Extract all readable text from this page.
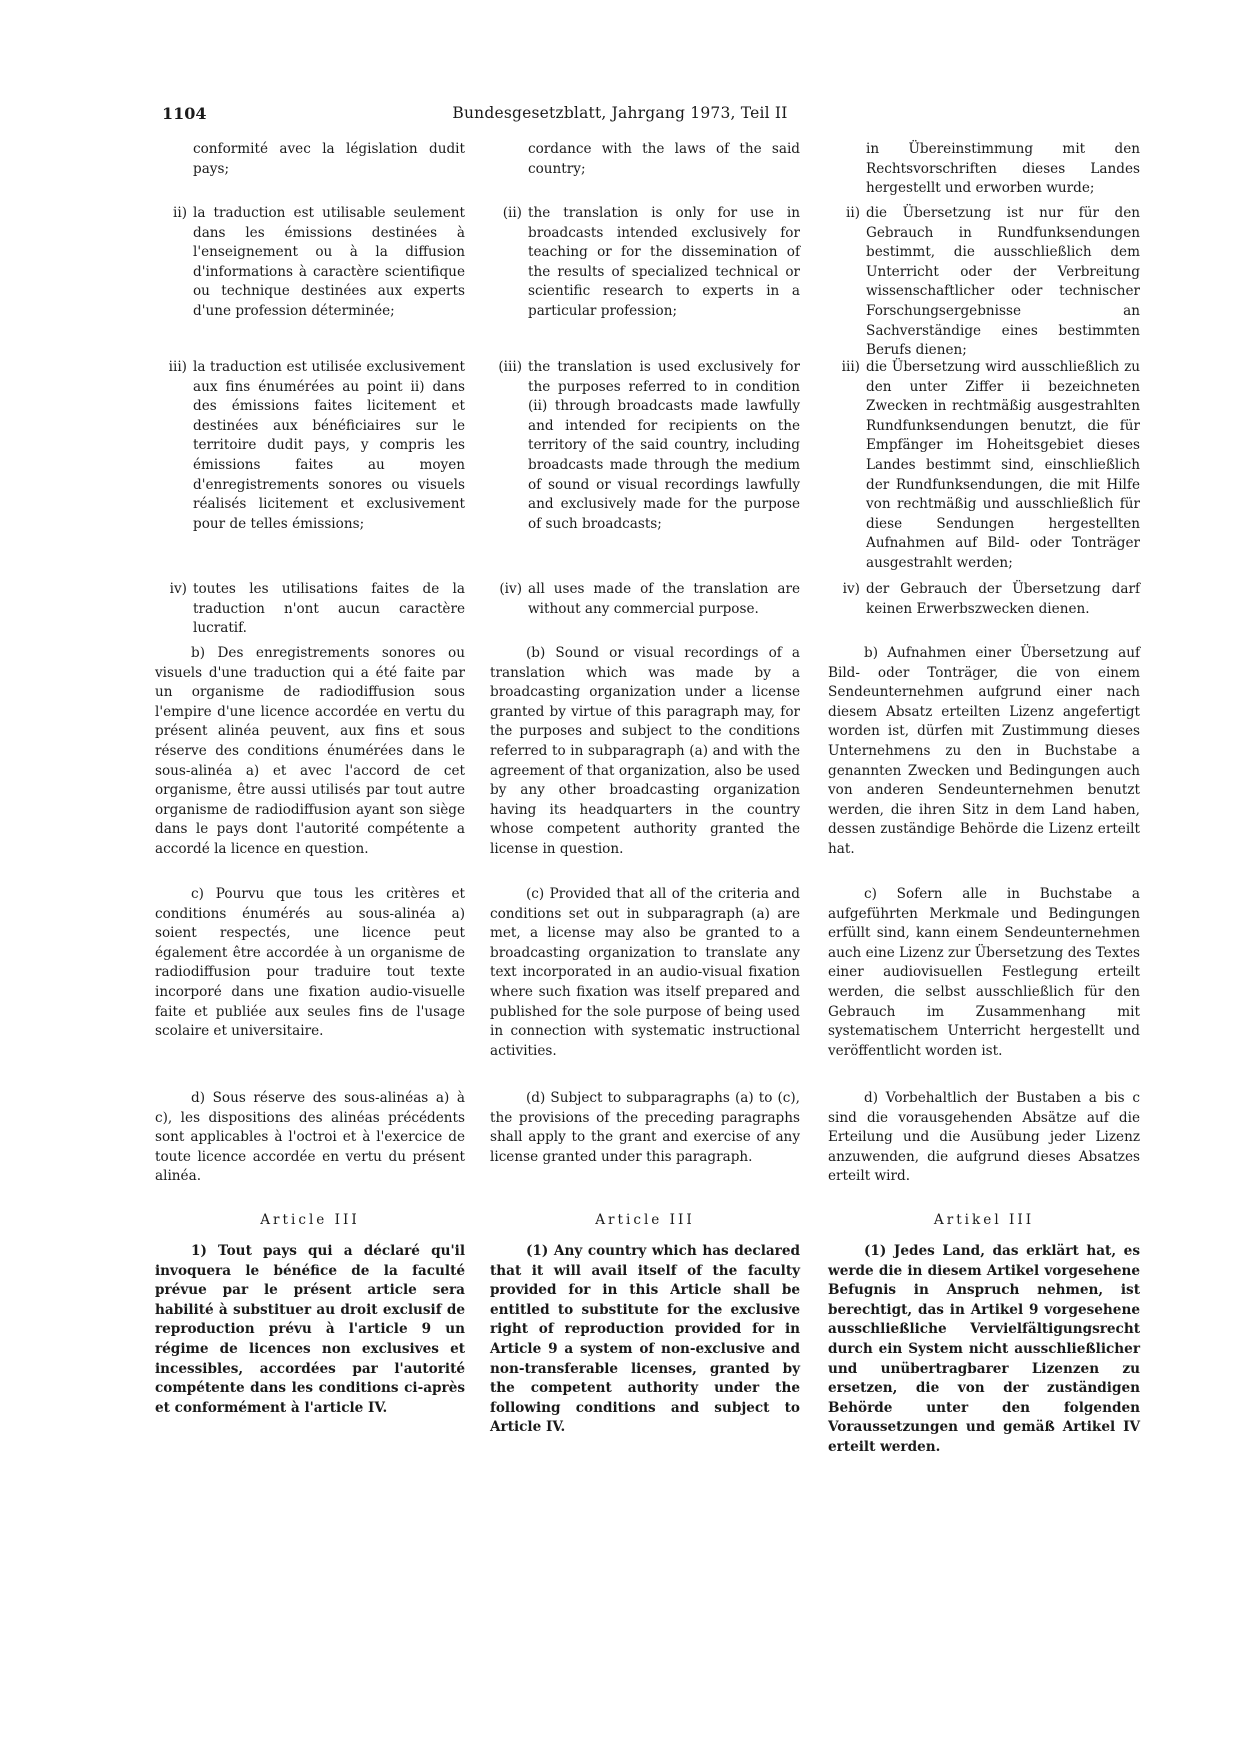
1104	Bundesgesetzblatt, Jahrgang 1973, Teil II
conformité avec la législation dudit pays;
ii) la traduction est utilisable seulement dans les émissions destinées à l'enseignement ou à la diffusion d'informations à caractère scientifique ou technique destinées aux experts d'une profession déterminée;
iii) la traduction est utilisée exclusivement aux fins énumérées au point ii) dans des émissions faites licitement et destinées aux bénéficiaires sur le territoire dudit pays, y compris les émissions faites au moyen d'enregistrements sonores ou visuels réalisés licitement et exclusivement pour de telles émissions;
iv) toutes les utilisations faites de la traduction n'ont aucun caractère lucratif.
b) Des enregistrements sonores ou visuels d'une traduction qui a été faite par un organisme de radiodiffusion sous l'empire d'une licence accordée en vertu du présent alinéa peuvent, aux fins et sous réserve des conditions énumérées dans le sous-alinéa a) et avec l'accord de cet organisme, être aussi utilisés par tout autre organisme de radiodiffusion ayant son siège dans le pays dont l'autorité compétente a accordé la licence en question.
c) Pourvu que tous les critères et conditions énumérés au sous-alinéa a) soient respectés, une licence peut également être accordée à un organisme de radiodiffusion pour traduire tout texte incorporé dans une fixation audio-visuelle faite et publiée aux seules fins de l'usage scolaire et universitaire.
d) Sous réserve des sous-alinéas a) à c), les dispositions des alinéas précédents sont applicables à l'octroi et à l'exercice de toute licence accordée en vertu du présent alinéa.
Article III
1) Tout pays qui a déclaré qu'il invoquera le bénéfice de la faculté prévue par le présent article sera habilité à substituer au droit exclusif de reproduction prévu à l'article 9 un régime de licences non exclusives et incessibles, accordées par l'autorité compétente dans les conditions ci-après et conformément à l'article IV.
cordance with the laws of the said country;
(ii) the translation is only for use in broadcasts intended exclusively for teaching or for the dissemination of the results of specialized technical or scientific research to experts in a particular profession;
(iii) the translation is used exclusively for the purposes referred to in condition (ii) through broadcasts made lawfully and intended for recipients on the territory of the said country, including broadcasts made through the medium of sound or visual recordings lawfully and exclusively made for the purpose of such broadcasts;
(iv) all uses made of the translation are without any commercial purpose.
(b) Sound or visual recordings of a translation which was made by a broadcasting organization under a license granted by virtue of this paragraph may, for the purposes and subject to the conditions referred to in subparagraph (a) and with the agreement of that organization, also be used by any other broadcasting organization having its headquarters in the country whose competent authority granted the license in question.
(c) Provided that all of the criteria and conditions set out in subparagraph (a) are met, a license may also be granted to a broadcasting organization to translate any text incorporated in an audio-visual fixation where such fixation was itself prepared and published for the sole purpose of being used in connection with systematic instructional activities.
(d) Subject to subparagraphs (a) to (c), the provisions of the preceding paragraphs shall apply to the grant and exercise of any license granted under this paragraph.
Article III
(1) Any country which has declared that it will avail itself of the faculty provided for in this Article shall be entitled to substitute for the exclusive right of reproduction provided for in Article 9 a system of non-exclusive and non-transferable licenses, granted by the competent authority under the following conditions and subject to Article IV.
in Übereinstimmung mit den Rechtsvorschriften dieses Landes hergestellt und erworben wurde;
ii) die Übersetzung ist nur für den Gebrauch in Rundfunksendungen bestimmt, die ausschließlich dem Unterricht oder der Verbreitung wissenschaftlicher oder technischer Forschungsergebnisse an Sachverständige eines bestimmten Berufs dienen;
iii) die Übersetzung wird ausschließlich zu den unter Ziffer ii bezeichneten Zwecken in rechtmäßig ausgestrahlten Rundfunksendungen benutzt, die für Empfänger im Hoheitsgebiet dieses Landes bestimmt sind, einschließlich der Rundfunksendungen, die mit Hilfe von rechtmäßig und ausschließlich für diese Sendungen hergestellten Aufnahmen auf Bild- oder Tonträger ausgestrahlt werden;
iv) der Gebrauch der Übersetzung darf keinen Erwerbszwecken dienen.
b) Aufnahmen einer Übersetzung auf Bild- oder Tonträger, die von einem Sendeunternehmen aufgrund einer nach diesem Absatz erteilten Lizenz angefertigt worden ist, dürfen mit Zustimmung dieses Unternehmens zu den in Buchstabe a genannten Zwecken und Bedingungen auch von anderen Sendeunternehmen benutzt werden, die ihren Sitz in dem Land haben, dessen zuständige Behörde die Lizenz erteilt hat.
c) Sofern alle in Buchstabe a aufgeführten Merkmale und Bedingungen erfüllt sind, kann einem Sendeunternehmen auch eine Lizenz zur Übersetzung des Textes einer audiovisuellen Festlegung erteilt werden, die selbst ausschließlich für den Gebrauch im Zusammenhang mit systematischem Unterricht hergestellt und veröffentlicht worden ist.
d) Vorbehaltlich der Bustaben a bis c sind die vorausgehenden Absätze auf die Erteilung und die Ausübung jeder Lizenz anzuwenden, die aufgrund dieses Absatzes erteilt wird.
Artikel III
(1) Jedes Land, das erklärt hat, es werde die in diesem Artikel vorgesehene Befugnis in Anspruch nehmen, ist berechtigt, das in Artikel 9 vorgesehene ausschließliche Vervielfältigungsrecht durch ein System nicht ausschließlicher und unübertragbarer Lizenzen zu ersetzen, die von der zuständigen Behörde unter den folgenden Voraussetzungen und gemäß Artikel IV erteilt werden.
